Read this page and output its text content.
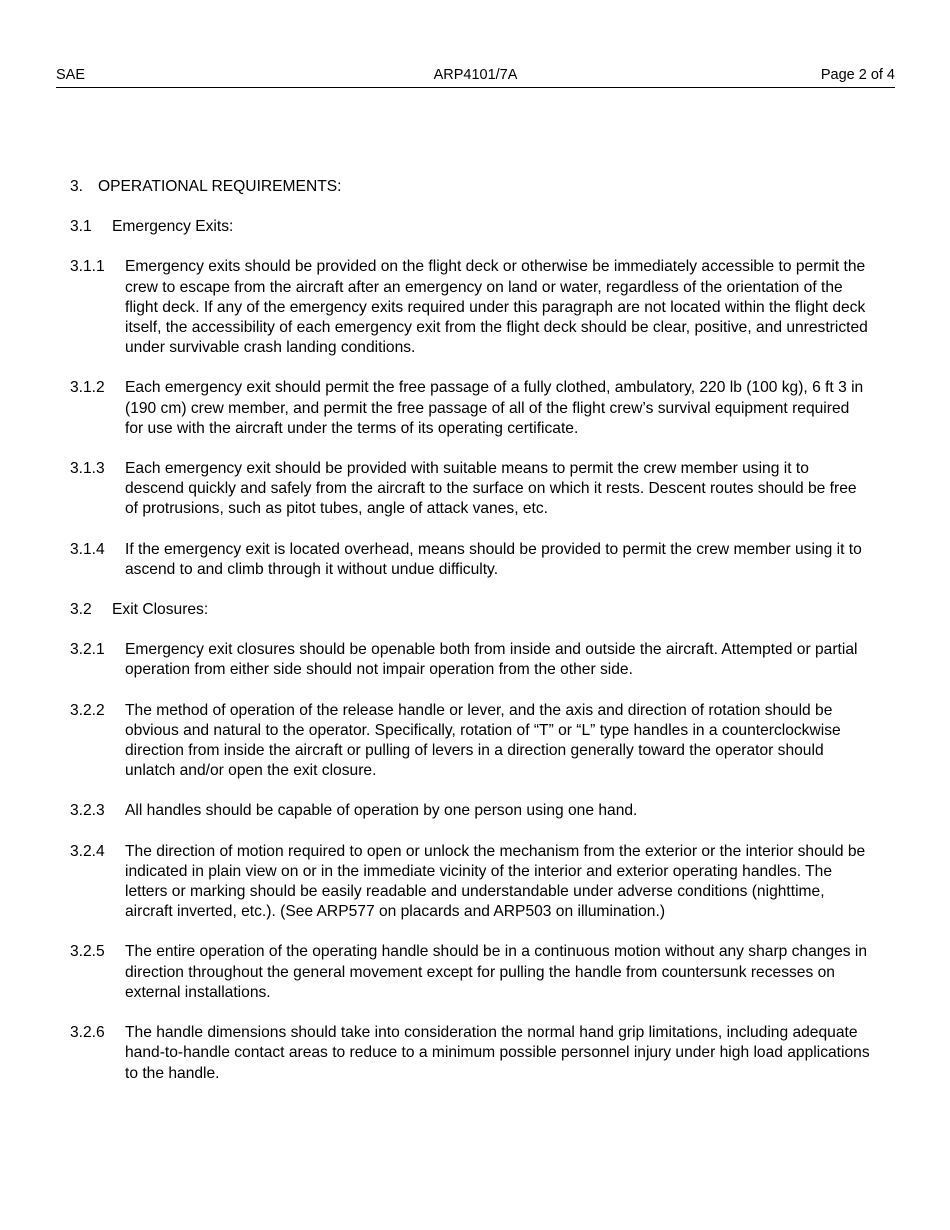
SAE	ARP4101/7A	Page 2 of 4
3. OPERATIONAL REQUIREMENTS:
3.1 Emergency Exits:
3.1.1 Emergency exits should be provided on the flight deck or otherwise be immediately accessible to permit the crew to escape from the aircraft after an emergency on land or water, regardless of the orientation of the flight deck. If any of the emergency exits required under this paragraph are not located within the flight deck itself, the accessibility of each emergency exit from the flight deck should be clear, positive, and unrestricted under survivable crash landing conditions.
3.1.2 Each emergency exit should permit the free passage of a fully clothed, ambulatory, 220 lb (100 kg), 6 ft 3 in (190 cm) crew member, and permit the free passage of all of the flight crew’s survival equipment required for use with the aircraft under the terms of its operating certificate.
3.1.3 Each emergency exit should be provided with suitable means to permit the crew member using it to descend quickly and safely from the aircraft to the surface on which it rests. Descent routes should be free of protrusions, such as pitot tubes, angle of attack vanes, etc.
3.1.4 If the emergency exit is located overhead, means should be provided to permit the crew member using it to ascend to and climb through it without undue difficulty.
3.2 Exit Closures:
3.2.1 Emergency exit closures should be openable both from inside and outside the aircraft. Attempted or partial operation from either side should not impair operation from the other side.
3.2.2 The method of operation of the release handle or lever, and the axis and direction of rotation should be obvious and natural to the operator. Specifically, rotation of “T” or “L” type handles in a counterclockwise direction from inside the aircraft or pulling of levers in a direction generally toward the operator should unlatch and/or open the exit closure.
3.2.3 All handles should be capable of operation by one person using one hand.
3.2.4 The direction of motion required to open or unlock the mechanism from the exterior or the interior should be indicated in plain view on or in the immediate vicinity of the interior and exterior operating handles. The letters or marking should be easily readable and understandable under adverse conditions (nighttime, aircraft inverted, etc.). (See ARP577 on placards and ARP503 on illumination.)
3.2.5 The entire operation of the operating handle should be in a continuous motion without any sharp changes in direction throughout the general movement except for pulling the handle from countersunk recesses on external installations.
3.2.6 The handle dimensions should take into consideration the normal hand grip limitations, including adequate hand-to-handle contact areas to reduce to a minimum possible personnel injury under high load applications to the handle.
